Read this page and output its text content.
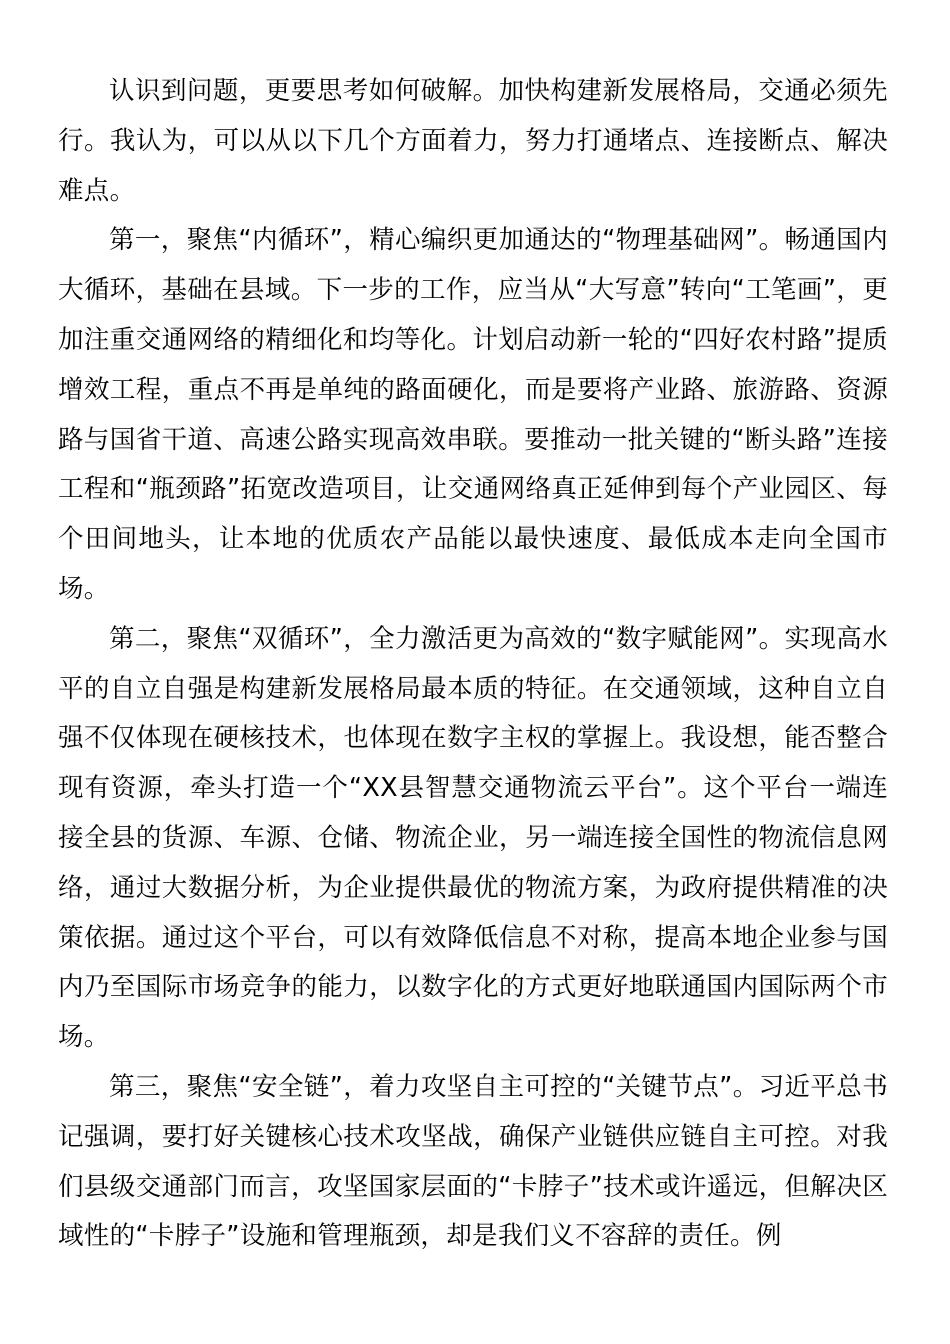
认识到问题，更要思考如何破解。加快构建新发展格局，交通必须先行。我认为，可以从以下几个方面着力，努力打通堵点、连接断点、解决难点。

第一，聚焦“内循环”，精心编织更加通达的“物理基础网”。畅通国内大循环，基础在县域。下一步的工作，应当从“大写意”转向“工笔画”，更加注重交通网络的精细化和均等化。计划启动新一轮的“四好农村路”提质增效工程，重点不再是单纯的路面硬化，而是要将产业路、旅游路、资源路与国省干道、高速公路实现高效串联。要推动一批关键的“断头路”连接工程和“瓶颈路”拓宽改造项目，让交通网络真正延伸到每个产业园区、每个田间地头，让本地的优质农产品能以最快速度、最低成本走向全国市场。

第二，聚焦“双循环”，全力激活更为高效的“数字赋能网”。实现高水平的自立自强是构建新发展格局最本质的特征。在交通领域，这种自立自强不仅体现在硬核技术，也体现在数字主权的掌握上。我设想，能否整合现有资源，牵头打造一个“XX县智慧交通物流云平台”。这个平台一端连接全县的货源、车源、仓储、物流企业，另一端连接全国性的物流信息网络，通过大数据分析，为企业提供最优的物流方案，为政府提供精准的决策依据。通过这个平台，可以有效降低信息不对称，提高本地企业参与国内乃至国际市场竞争的能力，以数字化的方式更好地联通国内国际两个市场。

第三，聚焦“安全链”，着力攻坚自主可控的“关键节点”。习近平总书记强调，要打好关键核心技术攻坚战，确保产业链供应链自主可控。对我们县级交通部门而言，攻坚国家层面的“卡脖子”技术或许遥远，但解决区域性的“卡脖子”设施和管理瓶颈，却是我们义不容辞的责任。例
